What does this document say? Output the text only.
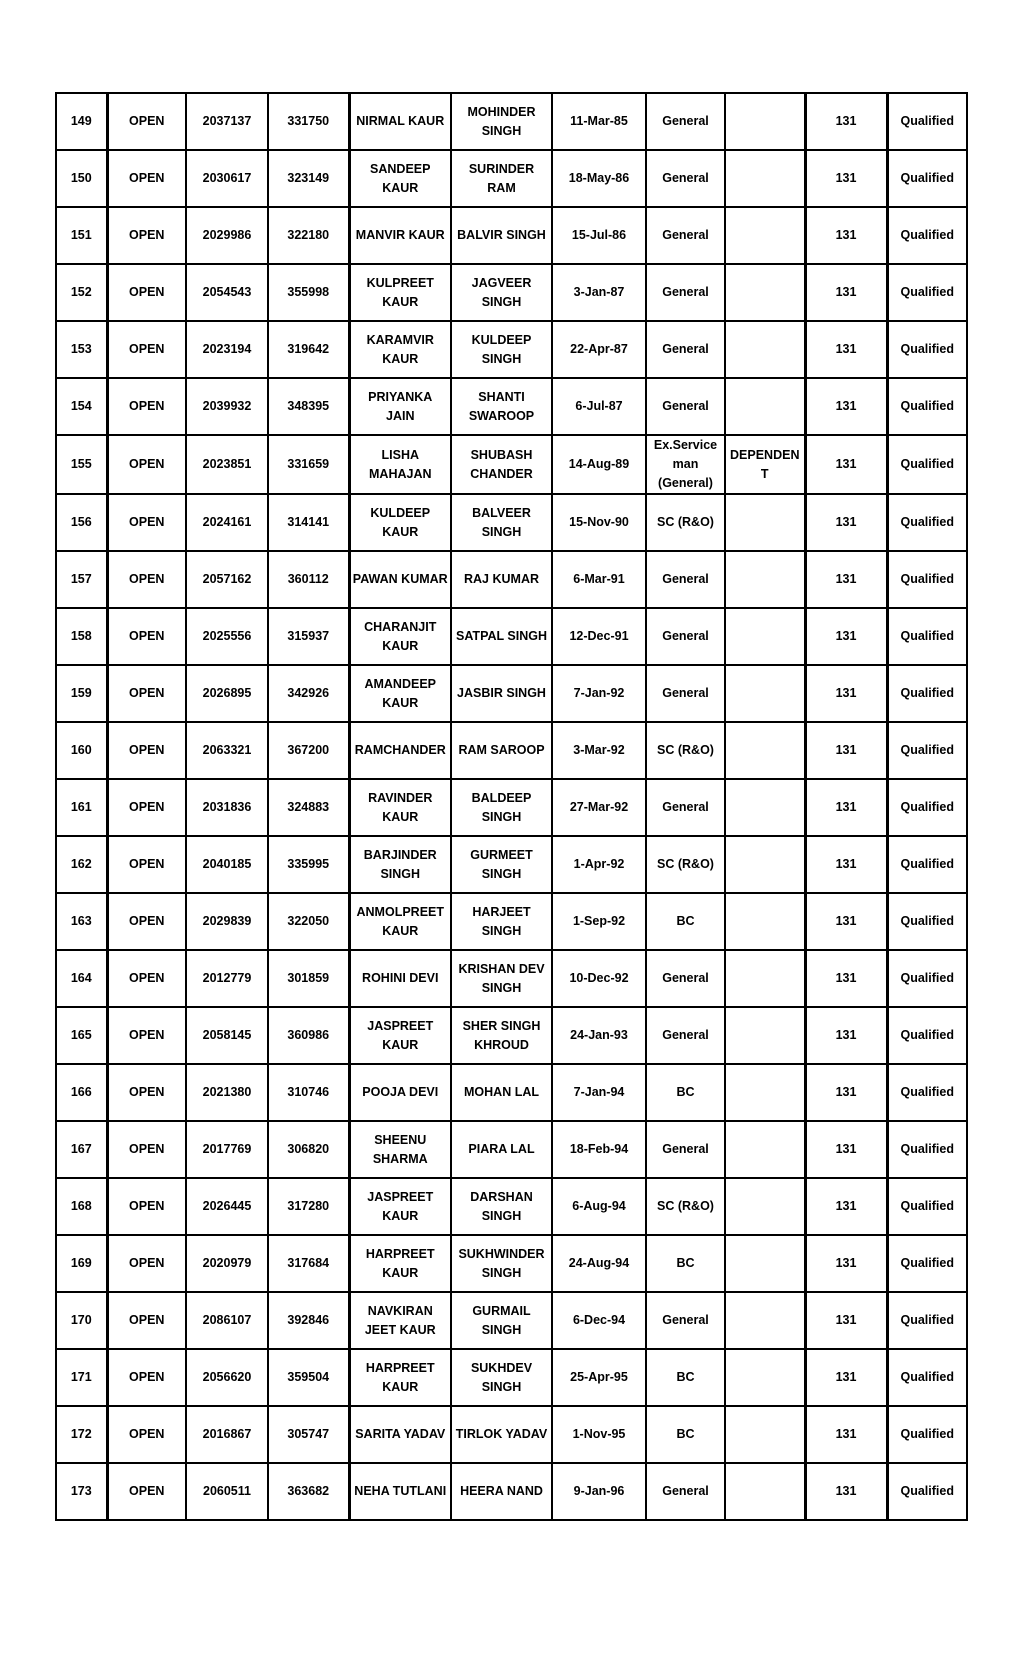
149	OPEN	2037137	331750	NIRMAL KAUR	MOHINDER SINGH	11-Mar-85	General		131	Qualified
150	OPEN	2030617	323149	SANDEEP KAUR	SURINDER RAM	18-May-86	General		131	Qualified
151	OPEN	2029986	322180	MANVIR KAUR	BALVIR SINGH	15-Jul-86	General		131	Qualified
152	OPEN	2054543	355998	KULPREET KAUR	JAGVEER SINGH	3-Jan-87	General		131	Qualified
153	OPEN	2023194	319642	KARAMVIR KAUR	KULDEEP SINGH	22-Apr-87	General		131	Qualified
154	OPEN	2039932	348395	PRIYANKA JAIN	SHANTI SWAROOP	6-Jul-87	General		131	Qualified
155	OPEN	2023851	331659	LISHA MAHAJAN	SHUBASH CHANDER	14-Aug-89	Ex.Service man (General)	DEPENDEN T	131	Qualified
156	OPEN	2024161	314141	KULDEEP KAUR	BALVEER SINGH	15-Nov-90	SC (R&O)		131	Qualified
157	OPEN	2057162	360112	PAWAN KUMAR	RAJ KUMAR	6-Mar-91	General		131	Qualified
158	OPEN	2025556	315937	CHARANJIT KAUR	SATPAL SINGH	12-Dec-91	General		131	Qualified
159	OPEN	2026895	342926	AMANDEEP KAUR	JASBIR SINGH	7-Jan-92	General		131	Qualified
160	OPEN	2063321	367200	RAMCHANDER	RAM SAROOP	3-Mar-92	SC (R&O)		131	Qualified
161	OPEN	2031836	324883	RAVINDER KAUR	BALDEEP SINGH	27-Mar-92	General		131	Qualified
162	OPEN	2040185	335995	BARJINDER SINGH	GURMEET SINGH	1-Apr-92	SC (R&O)		131	Qualified
163	OPEN	2029839	322050	ANMOLPREET KAUR	HARJEET SINGH	1-Sep-92	BC		131	Qualified
164	OPEN	2012779	301859	ROHINI DEVI	KRISHAN DEV SINGH	10-Dec-92	General		131	Qualified
165	OPEN	2058145	360986	JASPREET KAUR	SHER SINGH KHROUD	24-Jan-93	General		131	Qualified
166	OPEN	2021380	310746	POOJA DEVI	MOHAN LAL	7-Jan-94	BC		131	Qualified
167	OPEN	2017769	306820	SHEENU SHARMA	PIARA LAL	18-Feb-94	General		131	Qualified
168	OPEN	2026445	317280	JASPREET KAUR	DARSHAN SINGH	6-Aug-94	SC (R&O)		131	Qualified
169	OPEN	2020979	317684	HARPREET KAUR	SUKHWINDER SINGH	24-Aug-94	BC		131	Qualified
170	OPEN	2086107	392846	NAVKIRAN JEET KAUR	GURMAIL SINGH	6-Dec-94	General		131	Qualified
171	OPEN	2056620	359504	HARPREET KAUR	SUKHDEV SINGH	25-Apr-95	BC		131	Qualified
172	OPEN	2016867	305747	SARITA YADAV	TIRLOK YADAV	1-Nov-95	BC		131	Qualified
173	OPEN	2060511	363682	NEHA TUTLANI	HEERA NAND	9-Jan-96	General		131	Qualified
